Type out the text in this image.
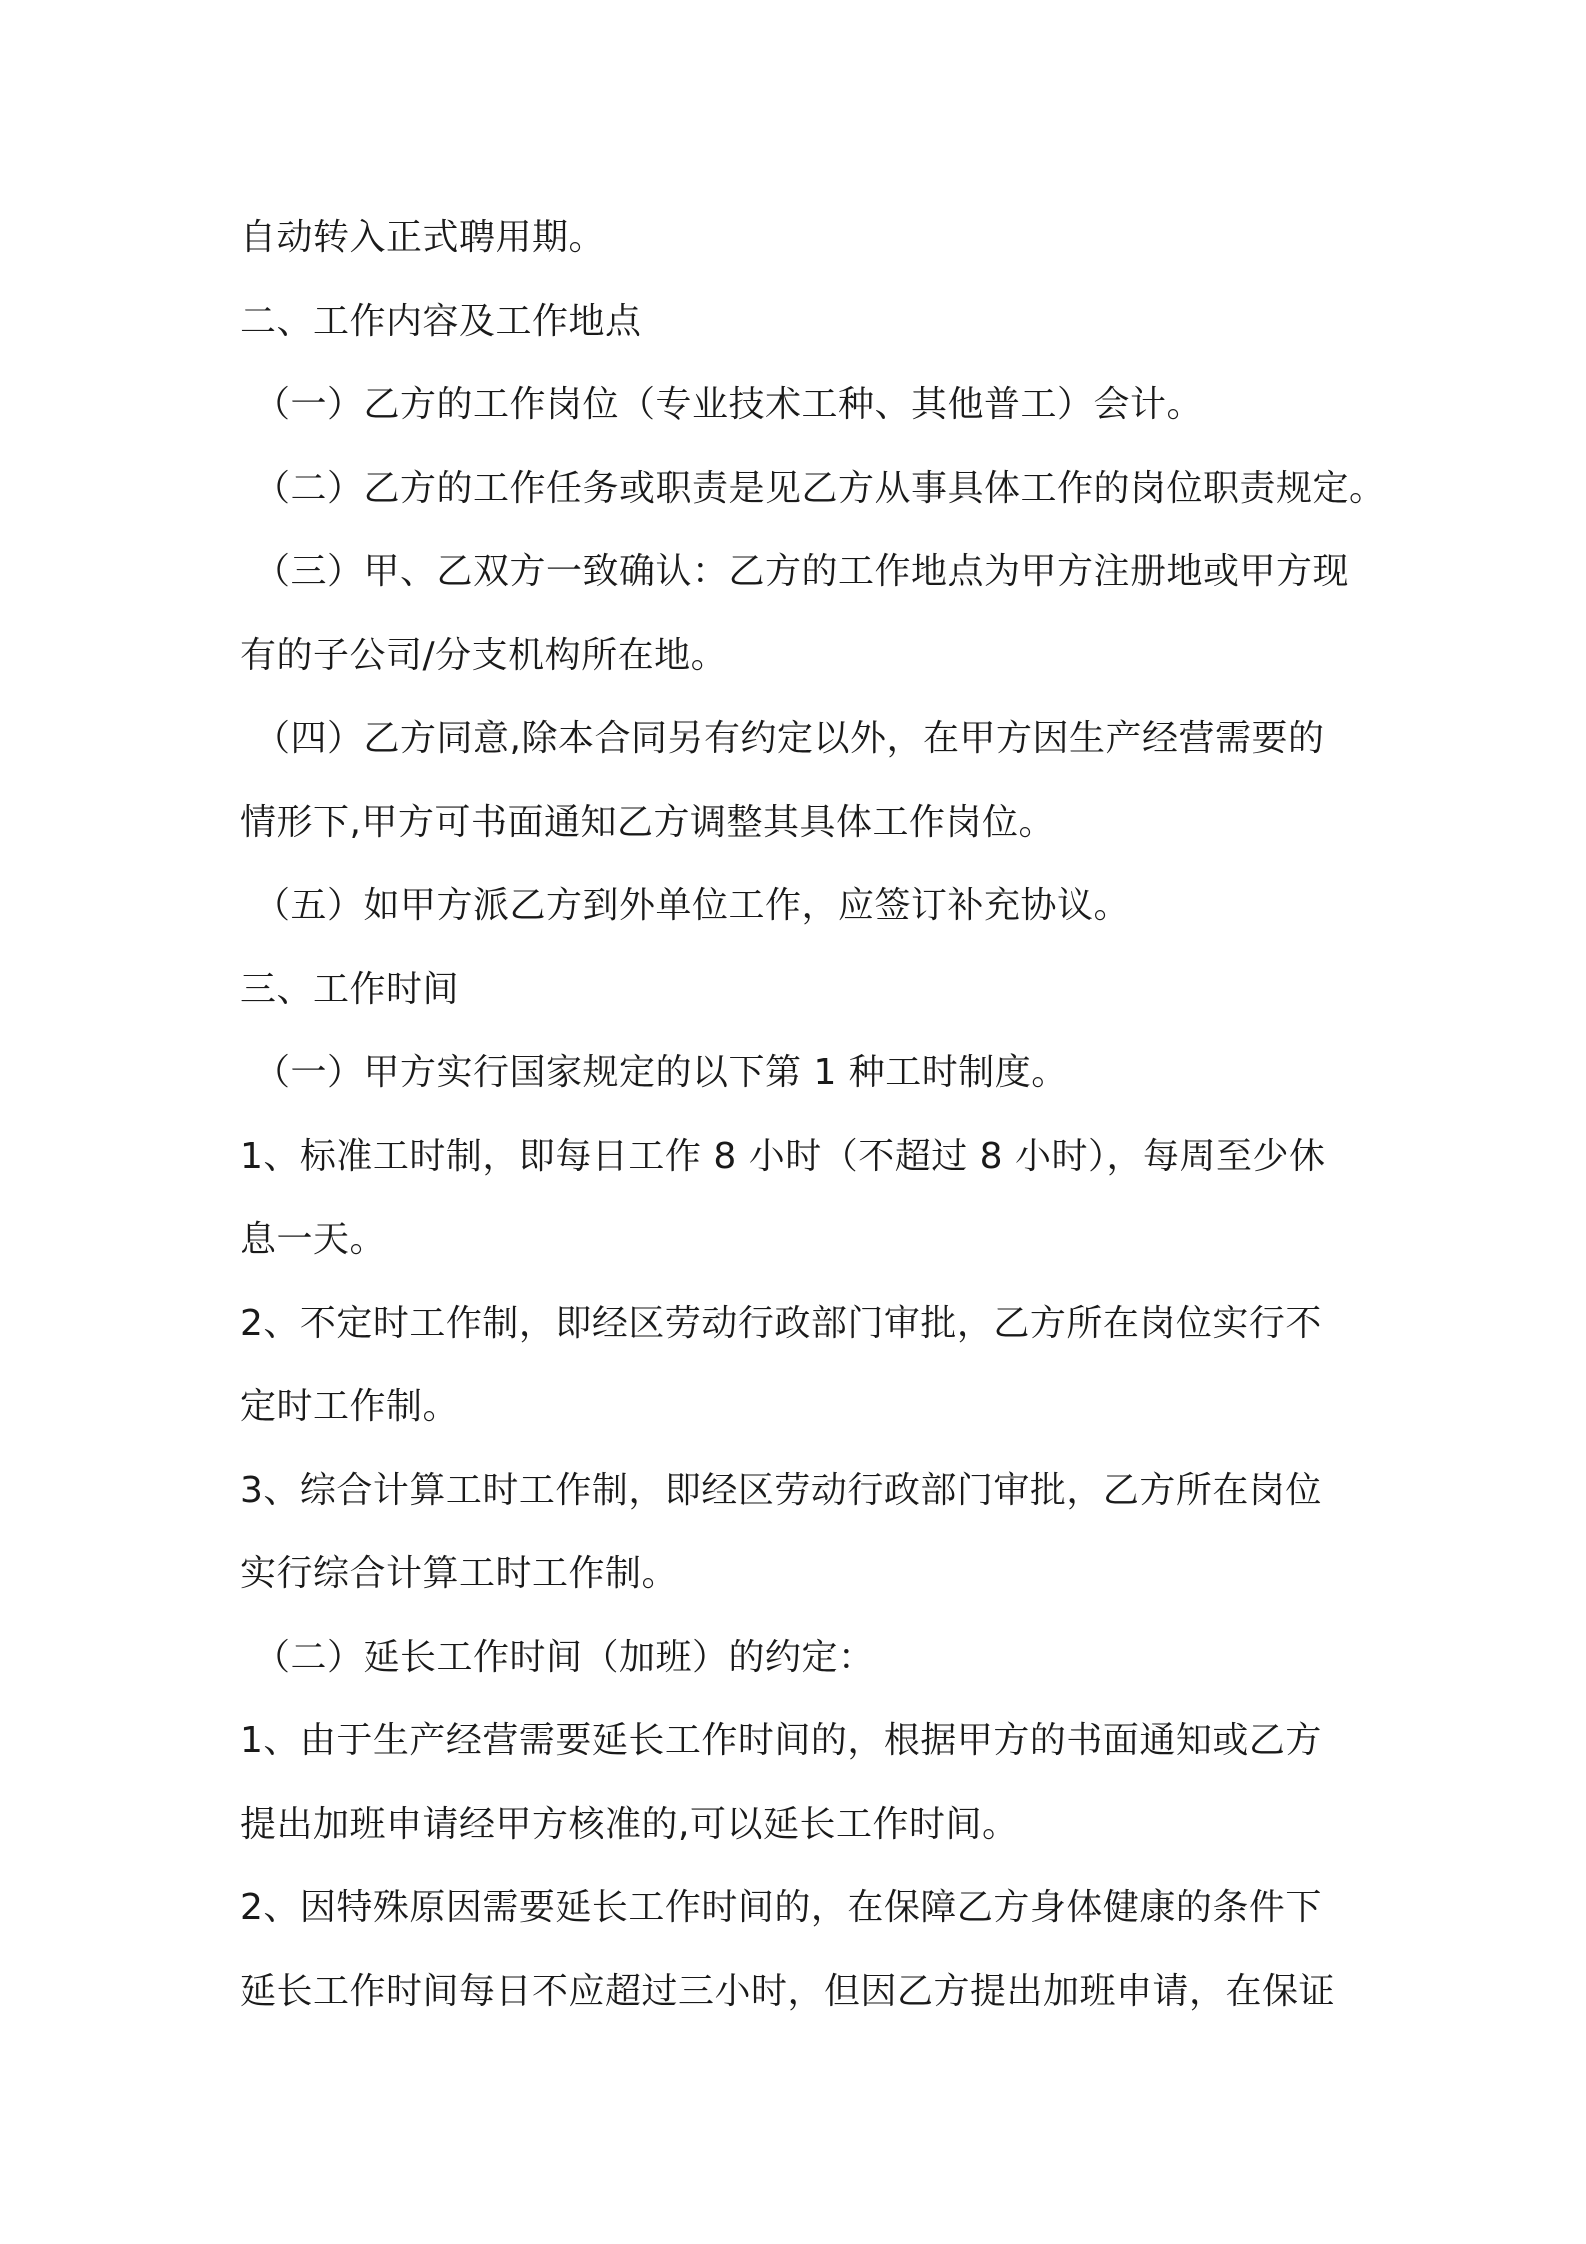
自动转入正式聘用期。
二、工作内容及工作地点
（一）乙方的工作岗位（专业技术工种、其他普工）会计。
（二）乙方的工作任务或职责是见乙方从事具体工作的岗位职责规定。
（三）甲、乙双方一致确认：乙方的工作地点为甲方注册地或甲方现
有的子公司/分支机构所在地。
（四）乙方同意,除本合同另有约定以外，在甲方因生产经营需要的
情形下,甲方可书面通知乙方调整其具体工作岗位。
（五）如甲方派乙方到外单位工作，应签订补充协议。
三、工作时间
（一）甲方实行国家规定的以下第 1 种工时制度。
1、标准工时制，即每日工作 8 小时（不超过 8 小时），每周至少休
息一天。
2、不定时工作制，即经区劳动行政部门审批，乙方所在岗位实行不
定时工作制。
3、综合计算工时工作制，即经区劳动行政部门审批，乙方所在岗位
实行综合计算工时工作制。
（二）延长工作时间（加班）的约定：
1、由于生产经营需要延长工作时间的，根据甲方的书面通知或乙方
提出加班申请经甲方核准的,可以延长工作时间。
2、因特殊原因需要延长工作时间的，在保障乙方身体健康的条件下
延长工作时间每日不应超过三小时，但因乙方提出加班申请，在保证
